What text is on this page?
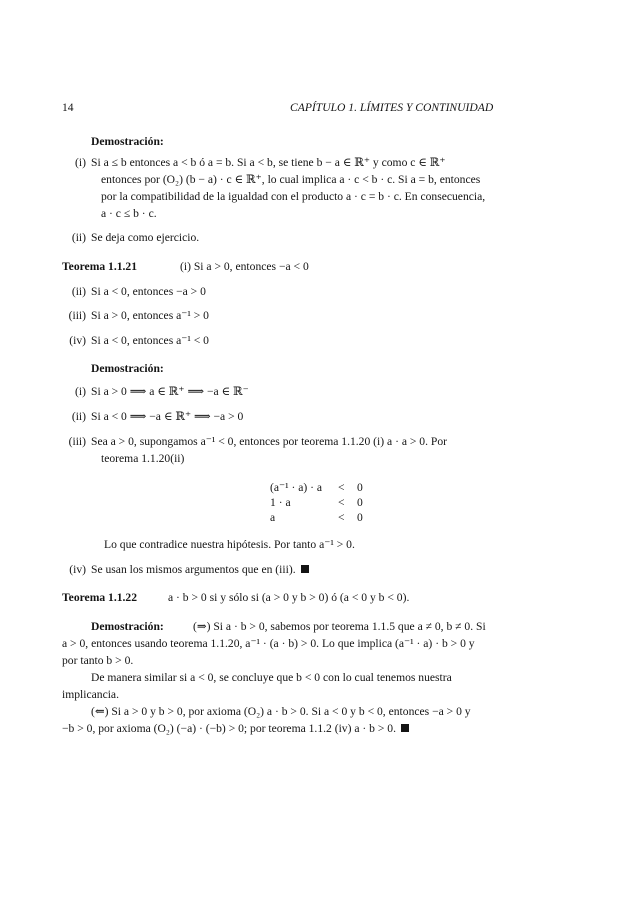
14	CAPÍTULO 1. LÍMITES Y CONTINUIDAD
Demostración:
(i) Si a ≤ b entonces a < b ó a = b. Si a < b, se tiene b − a ∈ ℝ⁺ y como c ∈ ℝ⁺
entonces por (O₂) (b − a) · c ∈ ℝ⁺, lo cual implica a · c < b · c. Si a = b, entonces
por la compatibilidad de la igualdad con el producto a · c = b · c. En consecuencia,
a · c ≤ b · c.
(ii) Se deja como ejercicio.
Teorema 1.1.21	(i) Si a > 0, entonces −a < 0
(ii) Si a < 0, entonces −a > 0
(iii) Si a > 0, entonces a⁻¹ > 0
(iv) Si a < 0, entonces a⁻¹ < 0
Demostración:
(i) Si a > 0 ⟹ a ∈ ℝ⁺ ⟹ −a ∈ ℝ⁻
(ii) Si a < 0 ⟹ −a ∈ ℝ⁺ ⟹ −a > 0
(iii) Sea a > 0, supongamos a⁻¹ < 0, entonces por teorema 1.1.20 (i) a · a > 0. Por
teorema 1.1.20(ii)
(a⁻¹ · a) · a < 0
1 · a	< 0
a	< 0
Lo que contradice nuestra hipótesis. Por tanto a⁻¹ > 0.
(iv) Se usan los mismos argumentos que en (iii).
Teorema 1.1.22	a · b > 0 si y sólo si (a > 0 y b > 0) ó (a < 0 y b < 0).
Demostración:	(⇒) Si a · b > 0, sabemos por teorema 1.1.5 que a ≠ 0, b ≠ 0. Si
a > 0, entonces usando teorema 1.1.20, a⁻¹ · (a · b) > 0. Lo que implica (a⁻¹ · a) · b > 0 y
por tanto b > 0.
De manera similar si a < 0, se concluye que b < 0 con lo cual tenemos nuestra
implicancia.
(⇐) Si a > 0 y b > 0, por axioma (O₂) a · b > 0. Si a < 0 y b < 0, entonces −a > 0 y
−b > 0, por axioma (O₂) (−a) · (−b) > 0; por teorema 1.1.2 (iv) a · b > 0.
